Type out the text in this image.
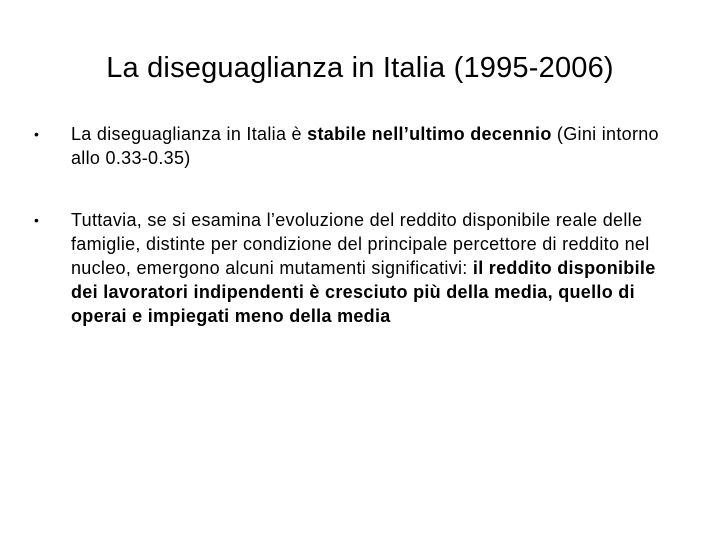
La diseguaglianza in Italia (1995-2006)
• La diseguaglianza in Italia è stabile nell’ultimo decennio (Gini intorno allo 0.33-0.35)
• Tuttavia, se si esamina l’evoluzione del reddito disponibile reale delle famiglie, distinte per condizione del principale percettore di reddito nel nucleo, emergono alcuni mutamenti significativi: il reddito disponibile dei lavoratori indipendenti è cresciuto più della media, quello di operai e impiegati meno della media
